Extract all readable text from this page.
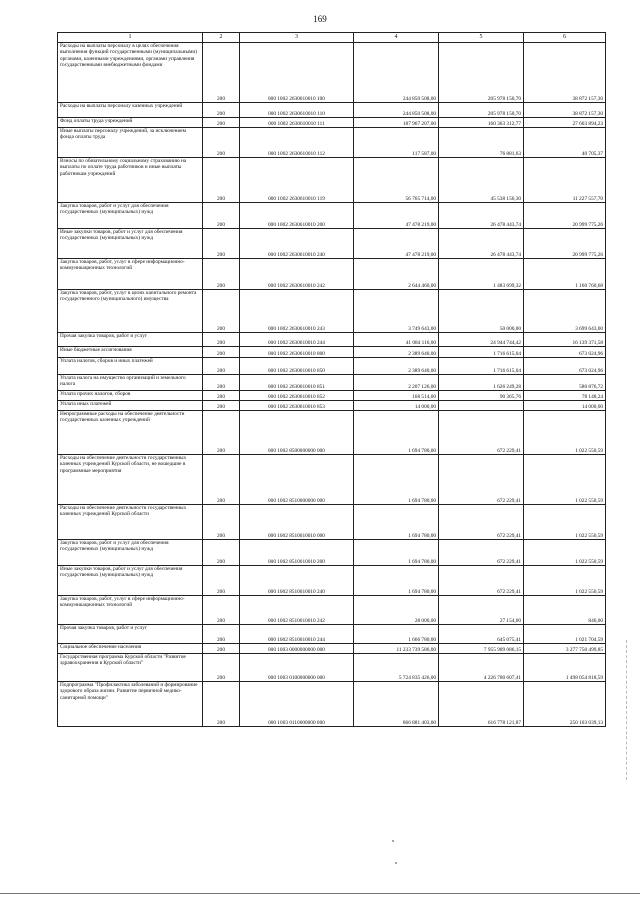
169
1	2	3	4	5	6
Расходы на выплаты персоналу в целях обеспечения выполнения функций государственными (муниципальными) органами, казенными учреждениями, органами управления государственными внебюджетными фондами	200	000 1002 2630610010 100	244 850 508,00	205 978 150,70	38 872 157,30
Расходы на выплаты персоналу казенных учреждений	200	000 1002 2630610010 110	244 850 508,00	205 978 150,70	38 872 157,30
Фонд оплаты труда учреждений	200	000 1002 2630610010 111	187 967 207,00	160 363 312,77	27 603 894,23
Иные выплаты персоналу учреждений, за исключением фонда оплаты труда	200	000 1002 2630610010 112	117 587,00	76 881,63	40 705,37
Взносы по обязательному социальному страхованию на выплаты по оплате труда работников и иные выплаты работникам учреждений	200	000 1002 2630610010 119	56 765 714,00	45 538 156,30	11 227 557,70
Закупка товаров, работ и услуг для обеспечения государственных (муниципальных) нужд	200	000 1002 2630610010 200	47 478 219,00	26 478 443,74	20 999 775,26
Иные закупки товаров, работ и услуг для обеспечения государственных (муниципальных) нужд	200	000 1002 2630610010 240	47 478 219,00	26 478 443,74	20 999 775,26
Закупка товаров, работ, услуг в сфере информационно-коммуникационных технологий	200	000 1002 2630610010 242	2 644 460,00	1 483 699,32	1 160 760,68
Закупка товаров, работ, услуг в целях капитального ремонта государственного (муниципального) имущества	200	000 1002 2630610010 243	3 749 643,00	50 000,00	3 699 643,00
Прочая закупка товаров, работ и услуг	200	000 1002 2630610010 244	41 084 116,00	24 944 744,42	16 139 371,58
Иные бюджетные ассигнования	200	000 1002 2630610010 800	2 389 640,00	1 716 615,04	673 024,96
Уплата налогов, сборов и иных платежей	200	000 1002 2630610010 850	2 389 640,00	1 716 615,04	673 024,96
Уплата налога на имущество организаций и земельного налога	200	000 1002 2630610010 851	2 207 126,00	1 626 249,28	580 876,72
Уплата прочих налогов, сборов	200	000 1002 2630610010 852	168 514,00	90 365,76	78 148,24
Уплата иных платежей	200	000 1002 2630610010 853	14 000,00		14 000,00
Непрограммные расходы на обеспечение деятельности государственных казенных учреждений	200	000 1002 8500000000 000	1 694 780,00	672 229,41	1 022 550,59
Расходы на обеспечение деятельности государственных казенных учреждений Курской области, не вошедшие в программные мероприятия	200	000 1002 8510000000 000	1 694 780,00	672 229,41	1 022 550,59
Расходы на обеспечение деятельности государственных казенных учреждений Курской области	200	000 1002 8510010010 000	1 694 780,00	672 229,41	1 022 550,59
Закупка товаров, работ и услуг для обеспечения государственных (муниципальных) нужд	200	000 1002 8510010010 200	1 694 780,00	672 229,41	1 022 550,59
Иные закупки товаров, работ и услуг для обеспечения государственных (муниципальных) нужд	200	000 1002 8510010010 240	1 694 780,00	672 229,41	1 022 550,59
Закупка товаров, работ, услуг в сфере информационно-коммуникационных технологий	200	000 1002 8510010010 242	28 000,00	27 154,00	846,00
Прочая закупка товаров, работ и услуг	200	000 1002 8510010010 244	1 666 780,00	645 075,41	1 021 704,59
Социальное обеспечение населения	200	000 1003 0000000000 000	11 233 739 586,00	7 955 989 086,15	3 277 750 499,85
Государственная программа Курской области "Развитие здравоохранения в Курской области"	200	000 1003 0100000000 000	5 724 835 426,00	4 226 780 607,41	1 498 054 818,59
Подпрограмма "Профилактика заболеваний и формирование здорового образа жизни. Развитие первичной медико-санитарной помощи"	200	000 1003 0110000000 000	866 881 403,00	616 778 121,87	250 103 039,13
